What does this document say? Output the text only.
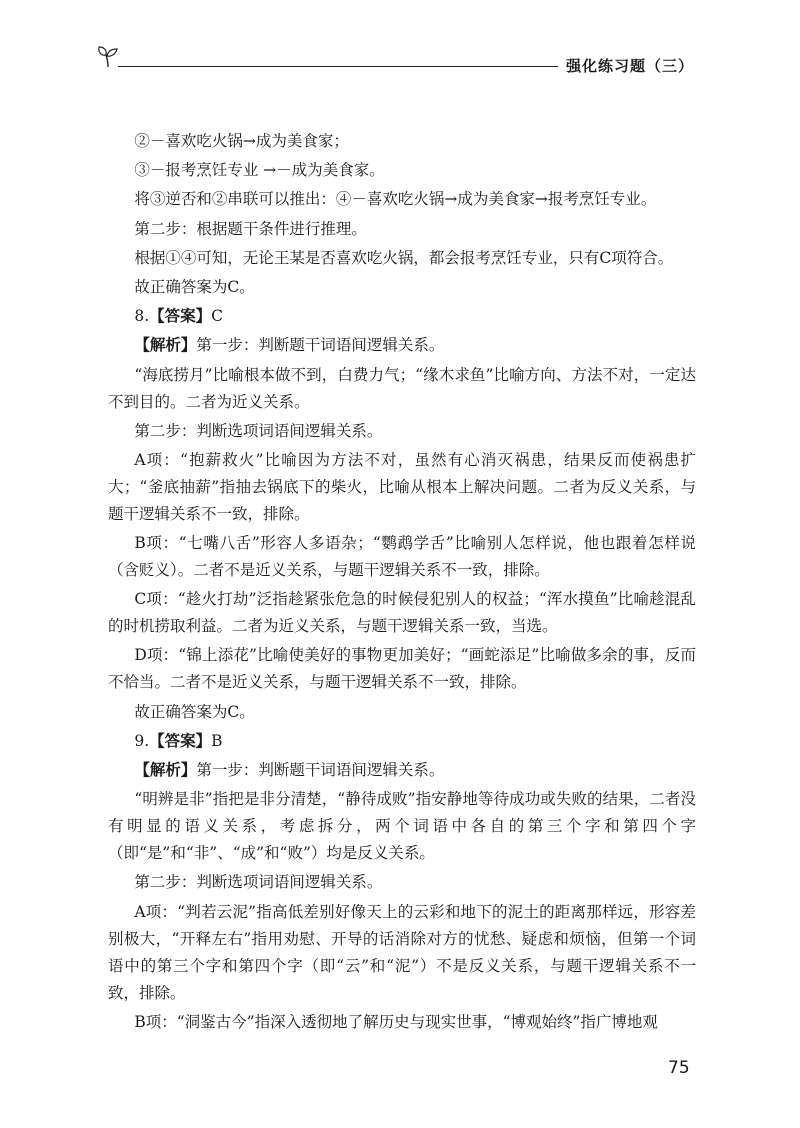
强化练习题（三）

②－喜欢吃火锅→成为美食家；

③－报考烹饪专业 →－成为美食家。

将③逆否和②串联可以推出：④－喜欢吃火锅→成为美食家→报考烹饪专业。

第二步：根据题干条件进行推理。

根据①④可知，无论王某是否喜欢吃火锅，都会报考烹饪专业，只有C项符合。

故正确答案为C。

8.【答案】C

【解析】第一步：判断题干词语间逻辑关系。

“海底捞月”比喻根本做不到，白费力气；“缘木求鱼”比喻方向、方法不对，一定达不到目的。二者为近义关系。

第二步：判断选项词语间逻辑关系。

A项：“抱薪救火”比喻因为方法不对，虽然有心消灭祸患，结果反而使祸患扩大；“釜底抽薪”指抽去锅底下的柴火，比喻从根本上解决问题。二者为反义关系，与题干逻辑关系不一致，排除。

B项：“七嘴八舌”形容人多语杂；“鹦鹉学舌”比喻别人怎样说，他也跟着怎样说（含贬义）。二者不是近义关系，与题干逻辑关系不一致，排除。

C项：“趁火打劫”泛指趁紧张危急的时候侵犯别人的权益；“浑水摸鱼”比喻趁混乱的时机捞取利益。二者为近义关系，与题干逻辑关系一致，当选。

D项：“锦上添花”比喻使美好的事物更加美好；“画蛇添足”比喻做多余的事，反而不恰当。二者不是近义关系，与题干逻辑关系不一致，排除。

故正确答案为C。

9.【答案】B

【解析】第一步：判断题干词语间逻辑关系。

“明辨是非”指把是非分清楚，“静待成败”指安静地等待成功或失败的结果，二者没有明显的语义关系，考虑拆分，两个词语中各自的第三个字和第四个字（即“是”和“非”、“成”和“败”）均是反义关系。

第二步：判断选项词语间逻辑关系。

A项：“判若云泥”指高低差别好像天上的云彩和地下的泥土的距离那样远，形容差别极大，“开释左右”指用劝慰、开导的话消除对方的忧愁、疑虑和烦恼，但第一个词语中的第三个字和第四个字（即“云”和“泥”）不是反义关系，与题干逻辑关系不一致，排除。

B项：“洞鉴古今”指深入透彻地了解历史与现实世事，“博观始终”指广博地观

75
